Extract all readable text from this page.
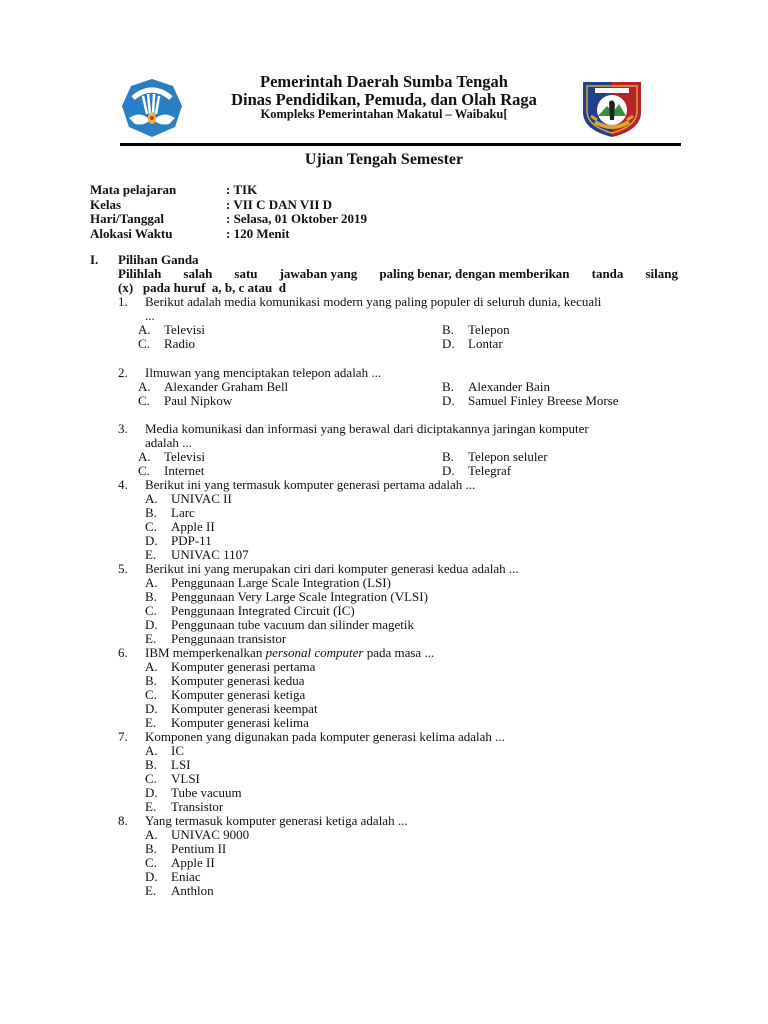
Pemerintah Daerah Sumba Tengah
Dinas Pendidikan, Pemuda, dan Olah Raga
Kompleks Pemerintahan Makatul – Waibaku[
Ujian Tengah Semester
Mata pelajaran	: TIK
Kelas	: VII C DAN VII D
Hari/Tanggal	: Selasa, 01 Oktober 2019
Alokasi Waktu	: 120 Menit
I.	Pilihan Ganda
Pilihlah salah satu jawaban yang paling benar, dengan memberikan tanda silang
(x)   pada huruf  a, b, c atau  d
1.	Berikut adalah media komunikasi modern yang paling populer di seluruh dunia, kecuali
...
A.	Televisi	B.	Telepon
C.	Radio	D.	Lontar
2.	Ilmuwan yang menciptakan telepon adalah ...
A.	Alexander Graham Bell	B.	Alexander Bain
C.	Paul Nipkow	D.	Samuel Finley Breese Morse
3.	Media komunikasi dan informasi yang berawal dari diciptakannya jaringan komputer
adalah ...
A.	Televisi	B.	Telepon seluler
C.	Internet	D.	Telegraf
4.	Berikut ini yang termasuk komputer generasi pertama adalah ...
A.	UNIVAC II
B.	Larc
C.	Apple II
D.	PDP-11
E.	UNIVAC 1107
5.	Berikut ini yang merupakan ciri dari komputer generasi kedua adalah ...
A.	Penggunaan Large Scale Integration (LSI)
B.	Penggunaan Very Large Scale Integration (VLSI)
C.	Penggunaan Integrated Circuit (IC)
D.	Penggunaan tube vacuum dan silinder magetik
E.	Penggunaan transistor
6.	IBM memperkenalkan personal computer pada masa ...
A.	Komputer generasi pertama
B.	Komputer generasi kedua
C.	Komputer generasi ketiga
D.	Komputer generasi keempat
E.	Komputer generasi kelima
7.	Komponen yang digunakan pada komputer generasi kelima adalah ...
A.	IC
B.	LSI
C.	VLSI
D.	Tube vacuum
E.	Transistor
8.	Yang termasuk komputer generasi ketiga adalah ...
A.	UNIVAC 9000
B.	Pentium II
C.	Apple II
D.	Eniac
E.	Anthlon
